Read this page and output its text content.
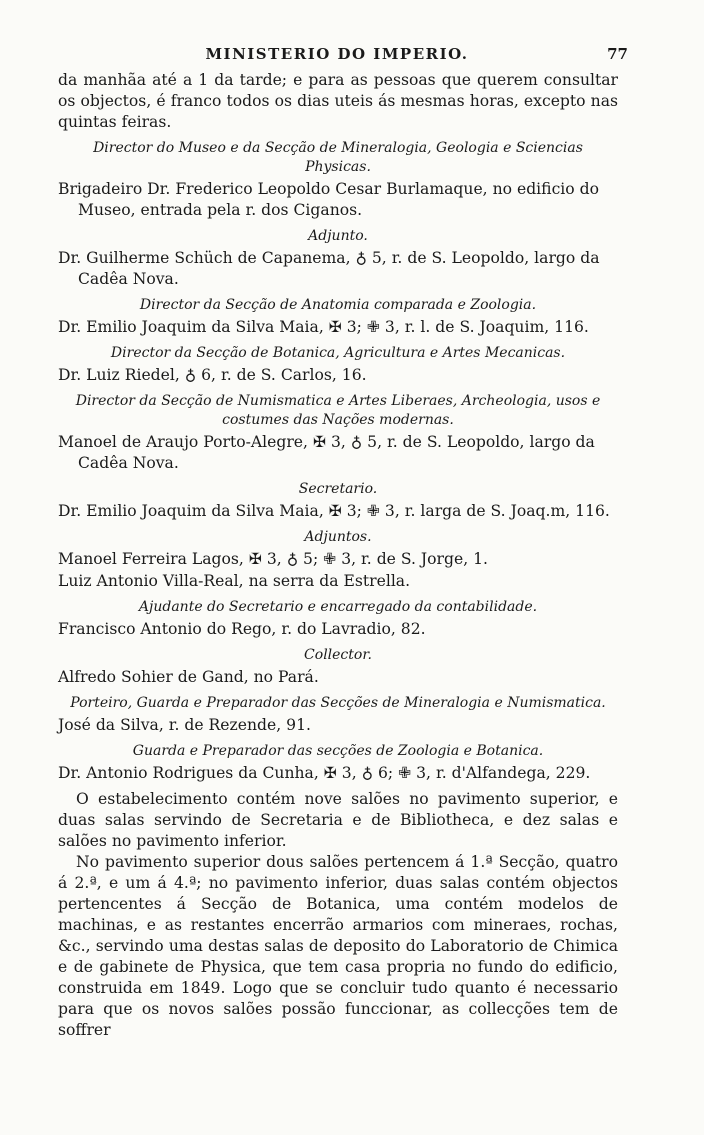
MINISTERIO DO IMPERIO.	77

da manhãa até a 1 da tarde; e para as pessoas que querem consultar os objectos, é franco todos os dias uteis ás mesmas horas, excepto nas quintas feiras.

Director do Museo e da Secção de Mineralogia, Geologia e Sciencias Physicas.

Brigadeiro Dr. Frederico Leopoldo Cesar Burlamaque, no edificio do Museo, entrada pela r. dos Ciganos.

Adjunto.

Dr. Guilherme Schüch de Capanema, ♁ 5, r. de S. Leopoldo, largo da Cadêa Nova.

Director da Secção de Anatomia comparada e Zoologia.

Dr. Emilio Joaquim da Silva Maia, ✠ 3; ✙ 3, r. l. de S. Joaquim, 116.

Director da Secção de Botanica, Agricultura e Artes Mecanicas.

Dr. Luiz Riedel, ♁ 6, r. de S. Carlos, 16.

Director da Secção de Numismatica e Artes Liberaes, Archeologia, usos e costumes das Nações modernas.

Manoel de Araujo Porto-Alegre, ✠ 3, ♁ 5, r. de S. Leopoldo, largo da Cadêa Nova.

Secretario.

Dr. Emilio Joaquim da Silva Maia, ✠ 3; ✙ 3, r. larga de S. Joaq.m, 116.

Adjuntos.

Manoel Ferreira Lagos, ✠ 3, ♁ 5; ✙ 3, r. de S. Jorge, 1.

Luiz Antonio Villa-Real, na serra da Estrella.

Ajudante do Secretario e encarregado da contabilidade.

Francisco Antonio do Rego, r. do Lavradio, 82.

Collector.

Alfredo Sohier de Gand, no Pará.

Porteiro, Guarda e Preparador das Secções de Mineralogia e Numismatica.

José da Silva, r. de Rezende, 91.

Guarda e Preparador das secções de Zoologia e Botanica.

Dr. Antonio Rodrigues da Cunha, ✠ 3, ♁ 6; ✙ 3, r. d'Alfandega, 229.

O estabelecimento contém nove salões no pavimento superior, e duas salas servindo de Secretaria e de Bibliotheca, e dez salas e salões no pavimento inferior.

No pavimento superior dous salões pertencem á 1.ª Secção, quatro á 2.ª, e um á 4.ª; no pavimento inferior, duas salas contém objectos pertencentes á Secção de Botanica, uma contém modelos de machinas, e as restantes encerrão armarios com mineraes, rochas, &c., servindo uma destas salas de deposito do Laboratorio de Chimica e de gabinete de Physica, que tem casa propria no fundo do edificio, construida em 1849. Logo que se concluir tudo quanto é necessario para que os novos salões possão funccionar, as collecções tem de soffrer
